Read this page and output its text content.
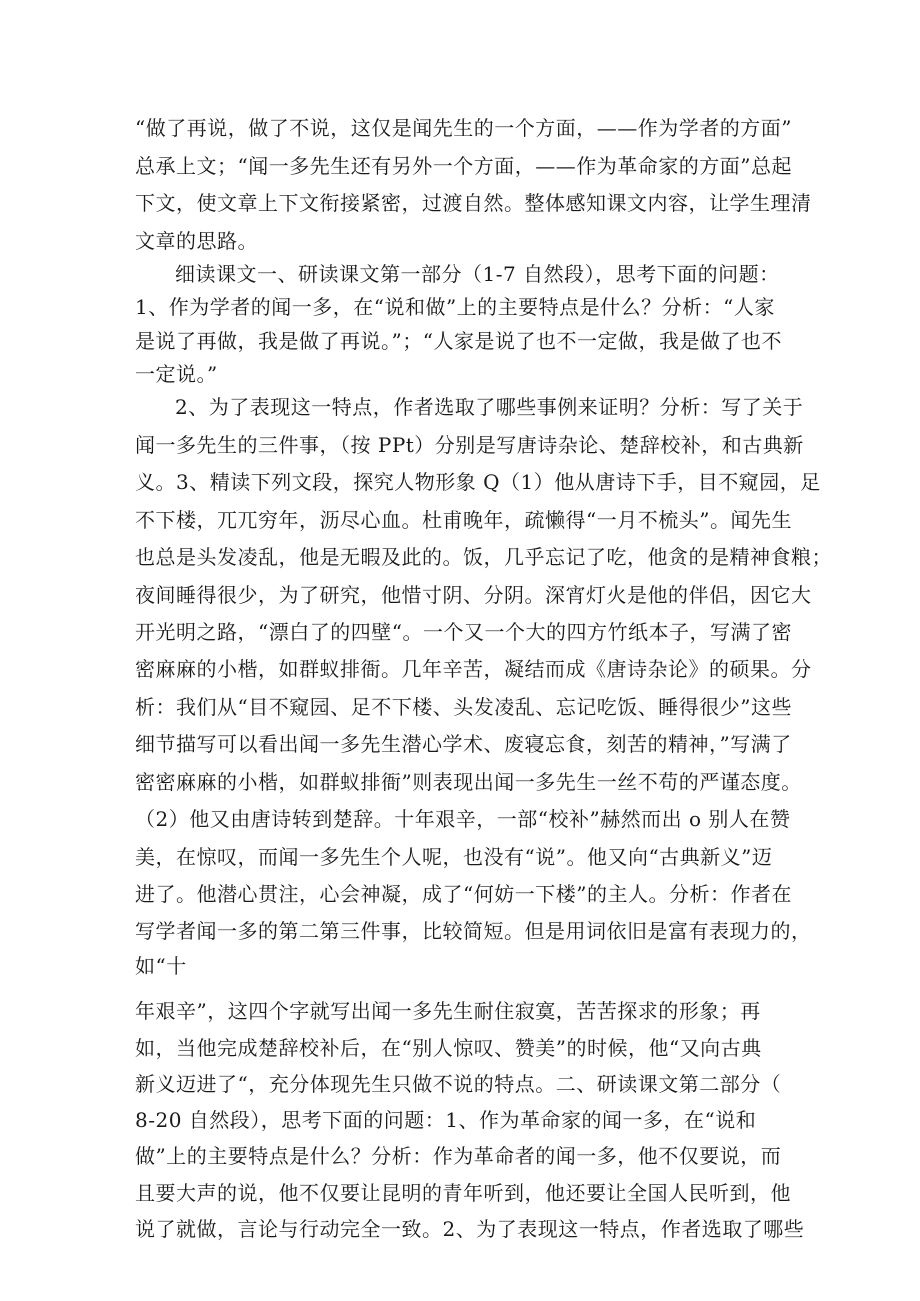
“做了再说，做了不说，这仅是闻先生的一个方面，——作为学者的方面”
总承上文；“闻一多先生还有另外一个方面，——作为革命家的方面”总起
下文，使文章上下文衔接紧密，过渡自然。整体感知课文内容，让学生理清
文章的思路。
细读课文一、研读课文第一部分（1-7 自然段），思考下面的问题：
1、作为学者的闻一多，在“说和做”上的主要特点是什么？分析：“人家
是说了再做，我是做了再说。”；“人家是说了也不一定做，我是做了也不
一定说。”
2、为了表现这一特点，作者选取了哪些事例来证明？分析：写了关于
闻一多先生的三件事，（按 PPt）分别是写唐诗杂论、楚辞校补，和古典新
义。3、精读下列文段，探究人物形象 Q（1）他从唐诗下手，目不窥园，足
不下楼，兀兀穷年，沥尽心血。杜甫晚年，疏懒得“一月不梳头”。闻先生
也总是头发凌乱，他是无暇及此的。饭，几乎忘记了吃，他贪的是精神食粮；
夜间睡得很少，为了研究，他惜寸阴、分阴。深宵灯火是他的伴侣，因它大
开光明之路，“漂白了的四壁“。一个又一个大的四方竹纸本子，写满了密
密麻麻的小楷，如群蚁排衙。几年辛苦，凝结而成《唐诗杂论》的硕果。分
析：我们从“目不窥园、足不下楼、头发凌乱、忘记吃饭、睡得很少”这些
细节描写可以看出闻一多先生潜心学术、废寝忘食，刻苦的精神，”写满了
密密麻麻的小楷，如群蚁排衙”则表现出闻一多先生一丝不苟的严谨态度。
（2）他又由唐诗转到楚辞。十年艰辛，一部“校补”赫然而出 o 别人在赞
美，在惊叹，而闻一多先生个人呢，也没有“说”。他又向“古典新义”迈
进了。他潜心贯注，心会神凝，成了“何妨一下楼”的主人。分析：作者在
写学者闻一多的第二第三件事，比较简短。但是用词依旧是富有表现力的，
如“十
年艰辛”，这四个字就写出闻一多先生耐住寂寞，苦苦探求的形象；再
如，当他完成楚辞校补后，在“别人惊叹、赞美”的时候，他“又向古典
新义迈进了“，充分体现先生只做不说的特点。二、研读课文第二部分（
8-20 自然段），思考下面的问题：1、作为革命家的闻一多，在“说和
做”上的主要特点是什么？分析：作为革命者的闻一多，他不仅要说，而
且要大声的说，他不仅要让昆明的青年听到，他还要让全国人民听到，他
说了就做，言论与行动完全一致。2、为了表现这一特点，作者选取了哪些
